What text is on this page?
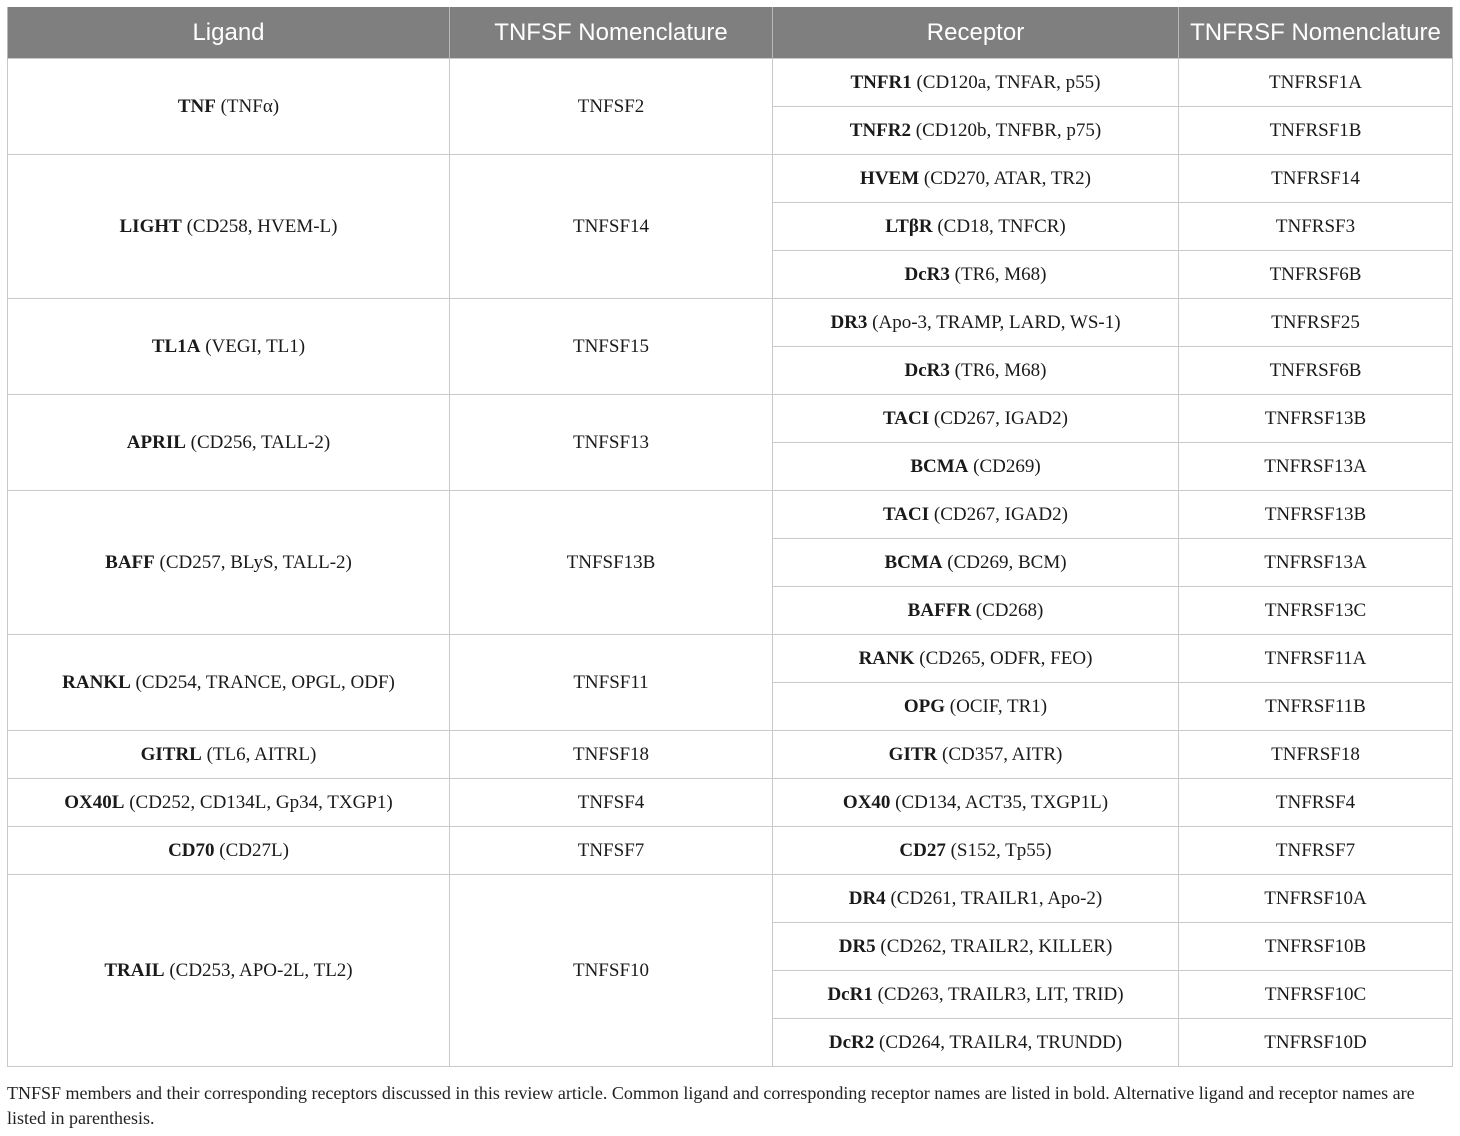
Ligand	TNFSF Nomenclature	Receptor	TNFRSF Nomenclature
TNF (TNFα)	TNFSF2	TNFR1 (CD120a, TNFAR, p55)	TNFRSF1A
		TNFR2 (CD120b, TNFBR, p75)	TNFRSF1B
LIGHT (CD258, HVEM-L)	TNFSF14	HVEM (CD270, ATAR, TR2)	TNFRSF14
		LTβR (CD18, TNFCR)	TNFRSF3
		DcR3 (TR6, M68)	TNFRSF6B
TL1A (VEGI, TL1)	TNFSF15	DR3 (Apo-3, TRAMP, LARD, WS-1)	TNFRSF25
		DcR3 (TR6, M68)	TNFRSF6B
APRIL (CD256, TALL-2)	TNFSF13	TACI (CD267, IGAD2)	TNFRSF13B
		BCMA (CD269)	TNFRSF13A
BAFF (CD257, BLyS, TALL-2)	TNFSF13B	TACI (CD267, IGAD2)	TNFRSF13B
		BCMA (CD269, BCM)	TNFRSF13A
		BAFFR (CD268)	TNFRSF13C
RANKL (CD254, TRANCE, OPGL, ODF)	TNFSF11	RANK (CD265, ODFR, FEO)	TNFRSF11A
		OPG (OCIF, TR1)	TNFRSF11B
GITRL (TL6, AITRL)	TNFSF18	GITR (CD357, AITR)	TNFRSF18
OX40L (CD252, CD134L, Gp34, TXGP1)	TNFSF4	OX40 (CD134, ACT35, TXGP1L)	TNFRSF4
CD70 (CD27L)	TNFSF7	CD27 (S152, Tp55)	TNFRSF7
TRAIL (CD253, APO-2L, TL2)	TNFSF10	DR4 (CD261, TRAILR1, Apo-2)	TNFRSF10A
		DR5 (CD262, TRAILR2, KILLER)	TNFRSF10B
		DcR1 (CD263, TRAILR3, LIT, TRID)	TNFRSF10C
		DcR2 (CD264, TRAILR4, TRUNDD)	TNFRSF10D

TNFSF members and their corresponding receptors discussed in this review article. Common ligand and corresponding receptor names are listed in bold. Alternative ligand and receptor names are listed in parenthesis.
